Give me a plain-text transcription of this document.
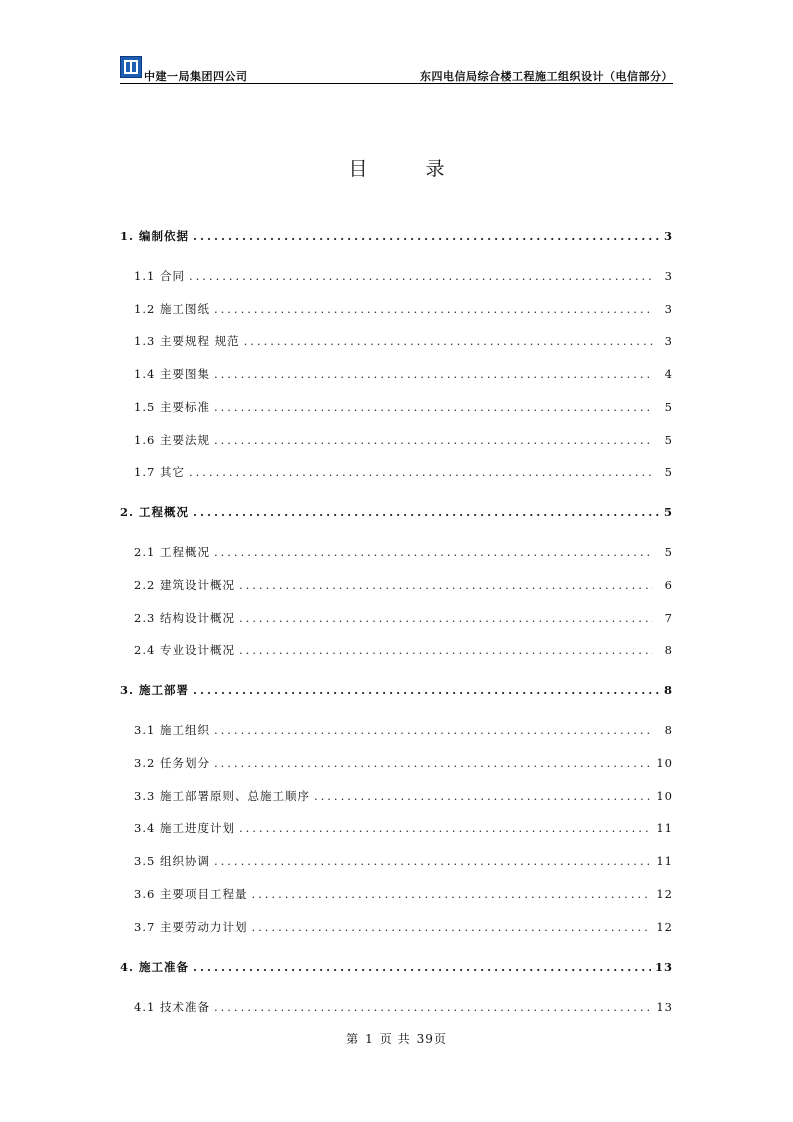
中建一局集团四公司	东四电信局综合楼工程施工组织设计（电信部分）
目 录
1. 编制依据 .....	3
1.1 合同 .....	3
1.2 施工图纸 .....	3
1.3 主要规程 规范 .....	3
1.4 主要图集 .....	4
1.5 主要标准 .....	5
1.6 主要法规 .....	5
1.7 其它 .....	5
2. 工程概况 .....	5
2.1 工程概况 .....	5
2.2 建筑设计概况 .....	6
2.3 结构设计概况 .....	7
2.4 专业设计概况 .....	8
3. 施工部署 .....	8
3.1 施工组织 .....	8
3.2 任务划分 .....	10
3.3 施工部署原则、总施工顺序 .....	10
3.4 施工进度计划 .....	11
3.5 组织协调 .....	11
3.6 主要项目工程量 .....	12
3.7 主要劳动力计划 .....	12
4. 施工准备 .....	13
4.1 技术准备 .....	13
第 1 页 共 39页
